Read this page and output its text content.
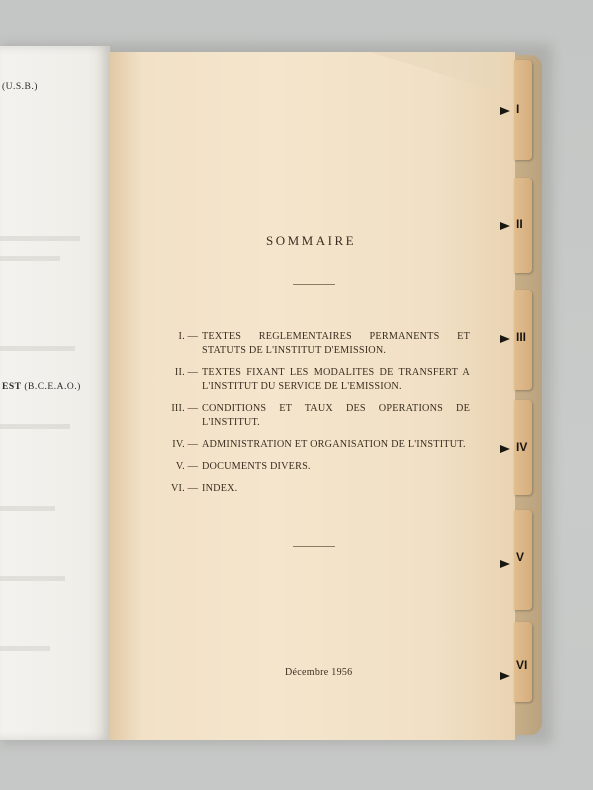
(U.S.B.)
EST (B.C.E.A.O.)
I
II
III
IV
V
VI
SOMMAIRE
I. — TEXTES REGLEMENTAIRES PERMANENTS ET STATUTS DE L'INSTITUT D'EMISSION.
II. — TEXTES FIXANT LES MODALITES DE TRANSFERT A L'INSTITUT DU SERVICE DE L'EMISSION.
III. — CONDITIONS ET TAUX DES OPERATIONS DE L'INSTITUT.
IV. — ADMINISTRATION ET ORGANISATION DE L'INSTITUT.
V. — DOCUMENTS DIVERS.
VI. — INDEX.
Décembre 1956
